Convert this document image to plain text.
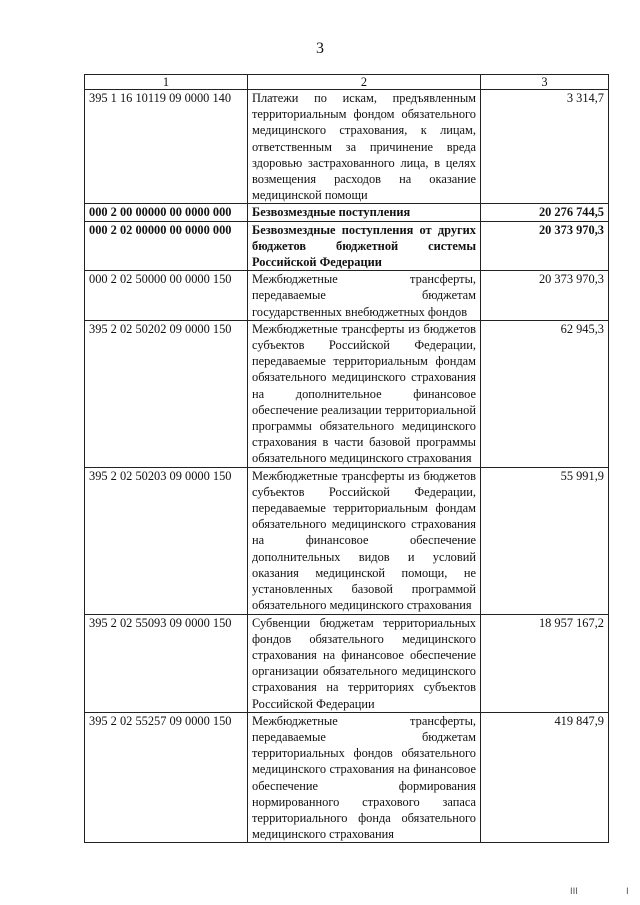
3
1	2	3
395 1 16 10119 09 0000 140	Платежи по искам, предъявленным территориальным фондом обязательного медицинского страхования, к лицам, ответственным за причинение вреда здоровью застрахованного лица, в целях возмещения расходов на оказание медицинской помощи	3 314,7
000 2 00 00000 00 0000 000	Безвозмездные поступления	20 276 744,5
000 2 02 00000 00 0000 000	Безвозмездные поступления от других бюджетов бюджетной системы Российской Федерации	20 373 970,3
000 2 02 50000 00 0000 150	Межбюджетные трансферты, передаваемые бюджетам государственных внебюджетных фондов	20 373 970,3
395 2 02 50202 09 0000 150	Межбюджетные трансферты из бюджетов субъектов Российской Федерации, передаваемые территориальным фондам обязательного медицинского страхования на дополнительное финансовое обеспечение реализации территориальной программы обязательного медицинского страхования в части базовой программы обязательного медицинского страхования	62 945,3
395 2 02 50203 09 0000 150	Межбюджетные трансферты из бюджетов субъектов Российской Федерации, передаваемые территориальным фондам обязательного медицинского страхования на финансовое обеспечение дополнительных видов и условий оказания медицинской помощи, не установленных базовой программой обязательного медицинского страхования	55 991,9
395 2 02 55093 09 0000 150	Субвенции бюджетам территориальных фондов обязательного медицинского страхования на финансовое обеспечение организации обязательного медицинского страхования на территориях субъектов Российской Федерации	18 957 167,2
395 2 02 55257 09 0000 150	Межбюджетные трансферты, передаваемые бюджетам территориальных фондов обязательного медицинского страхования на финансовое обеспечение формирования нормированного страхового запаса территориального фонда обязательного медицинского страхования	419 847,9
III	I
